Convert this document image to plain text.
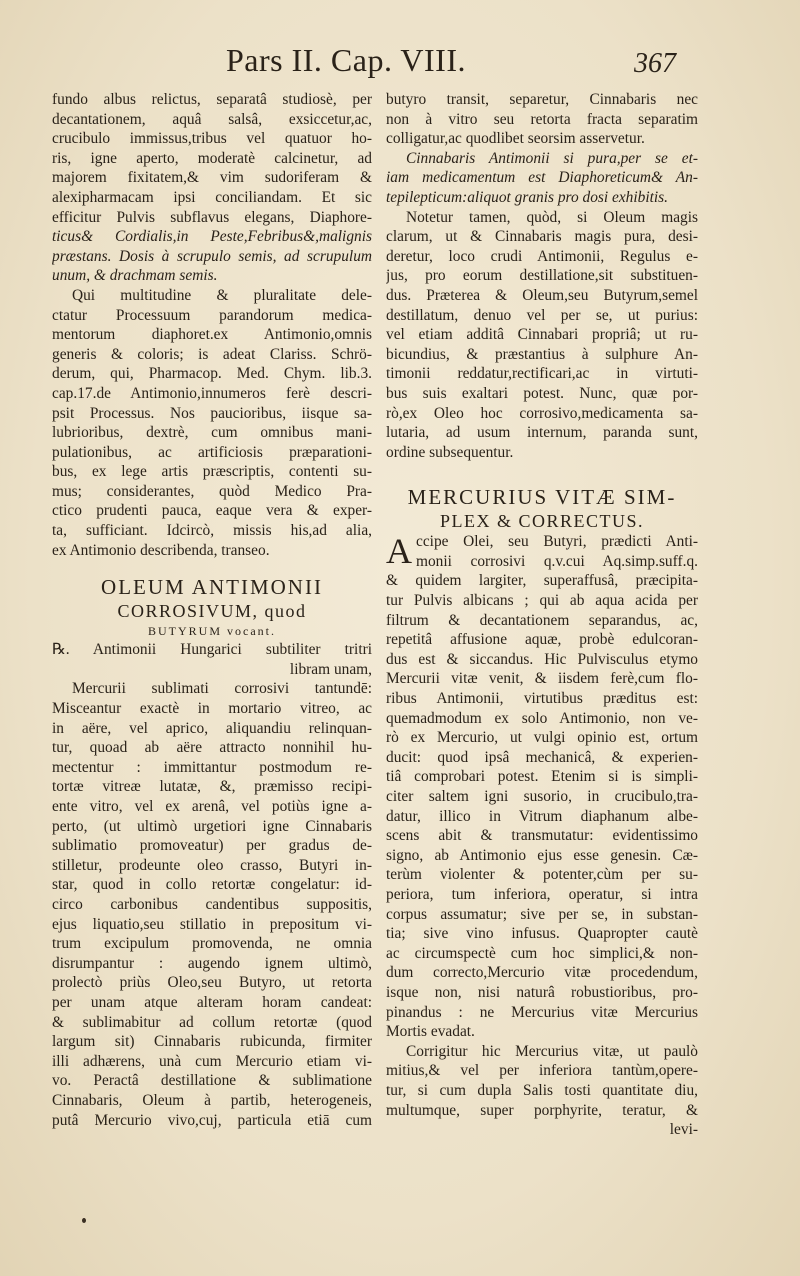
Pars II. Cap. VIII.	367
fundo albus relictus, separatâ studiosè, per
decantationem, aquâ salsâ, exsiccetur,ac,
crucibulo immissus,tribus vel quatuor ho-
ris, igne aperto, moderatè calcinetur, ad
majorem fixitatem,& vim sudoriferam &
alexipharmacam ipsi conciliandam. Et sic
efficitur Pulvis subflavus elegans, Diaphore-
ticus& Cordialis,in Peste,Febribus&,malignis
præstans. Dosis à scrupulo semis, ad scrupulum
unum, & drachmam semis.
Qui multitudine & pluralitate dele-
ctatur Processuum parandorum medica-
mentorum diaphoret.ex Antimonio,omnis
generis & coloris; is adeat Clariss. Schrö-
derum, qui, Pharmacop. Med. Chym. lib.3.
cap.17.de Antimonio,innumeros ferè descri-
psit Processus. Nos paucioribus, iisque sa-
lubrioribus, dextrè, cum omnibus mani-
pulationibus, ac artificiosis præparationi-
bus, ex lege artis præscriptis, contenti su-
mus; considerantes, quòd Medico Pra-
ctico prudenti pauca, eaque vera & exper-
ta, sufficiant. Idcircò, missis his,ad alia,
ex Antimonio describenda, transeo.
OLEUM ANTIMONII
CORROSIVUM, quod
BUTYRUM vocant.
℞. Antimonii Hungarici subtiliter tritri
libram unam,
Mercurii sublimati corrosivi tantundē:
Misceantur exactè in mortario vitreo, ac
in aëre, vel aprico, aliquandiu relinquan-
tur, quoad ab aëre attracto nonnihil hu-
mectentur : immittantur postmodum re-
tortæ vitreæ lutatæ, &, præmisso recipi-
ente vitro, vel ex arenâ, vel potiùs igne a-
perto, (ut ultimò urgetiori igne Cinnabaris
sublimatio promoveatur) per gradus de-
stilletur, prodeunte oleo crasso, Butyri in-
star, quod in collo retortæ congelatur: id-
circo carbonibus candentibus suppositis,
ejus liquatio,seu stillatio in prepositum vi-
trum excipulum promovenda, ne omnia
disrumpantur : augendo ignem ultimò,
prolectò priùs Oleo,seu Butyro, ut retorta
per unam atque alteram horam candeat:
& sublimabitur ad collum retortæ (quod
largum sit) Cinnabaris rubicunda, firmiter
illi adhærens, unà cum Mercurio etiam vi-
vo. Peractâ destillatione & sublimatione
Cinnabaris, Oleum à partib, heterogeneis,
putâ Mercurio vivo,cuj, particula etiā cum
butyro transit, separetur, Cinnabaris nec
non à vitro seu retorta fracta separatim
colligatur,ac quodlibet seorsim asservetur.
Cinnabaris Antimonii si pura,per se et-
iam medicamentum est Diaphoreticum& An-
tepilepticum:aliquot granis pro dosi exhibitis.
Notetur tamen, quòd, si Oleum magis
clarum, ut & Cinnabaris magis pura, desi-
deretur, loco crudi Antimonii, Regulus e-
jus, pro eorum destillatione,sit substituen-
dus. Præterea & Oleum,seu Butyrum,semel
destillatum, denuo vel per se, ut purius:
vel etiam additâ Cinnabari propriâ; ut ru-
bicundius, & præstantius à sulphure An-
timonii reddatur,rectificari,ac in virtuti-
bus suis exaltari potest. Nunc, quæ por-
rò,ex Oleo hoc corrosivo,medicamenta sa-
lutaria, ad usum internum, paranda sunt,
ordine subsequentur.
MERCURIUS VITÆ SIM-
PLEX & CORRECTUS.
A ccipe Olei, seu Butyri, prædicti Anti-
monii corrosivi q.v.cui Aq.simp.suff.q.
& quidem largiter, superaffusâ, præcipita-
tur Pulvis albicans ; qui ab aqua acida per
filtrum & decantationem separandus, ac,
repetitâ affusione aquæ, probè edulcoran-
dus est & siccandus. Hic Pulvisculus etymo
Mercurii vitæ venit, & iisdem ferè,cum flo-
ribus Antimonii, virtutibus præditus est:
quemadmodum ex solo Antimonio, non ve-
rò ex Mercurio, ut vulgi opinio est, ortum
ducit: quod ipsâ mechanicâ, & experien-
tiâ comprobari potest. Etenim si is simpli-
citer saltem igni susorio, in crucibulo,tra-
datur, illico in Vitrum diaphanum albe-
scens abit & transmutatur: evidentissimo
signo, ab Antimonio ejus esse genesin. Cæ-
terùm violenter & potenter,cùm per su-
periora, tum inferiora, operatur, si intra
corpus assumatur; sive per se, in substan-
tia; sive vino infusus. Quapropter cautè
ac circumspectè cum hoc simplici,& non-
dum correcto,Mercurio vitæ procedendum,
isque non, nisi naturâ robustioribus, pro-
pinandus : ne Mercurius vitæ Mercurius
Mortis evadat.
Corrigitur hic Mercurius vitæ, ut paulò
mitius,& vel per inferiora tantùm,opere-
tur, si cum dupla Salis tosti quantitate diu,
multumque, super porphyrite, teratur, &
levi-
